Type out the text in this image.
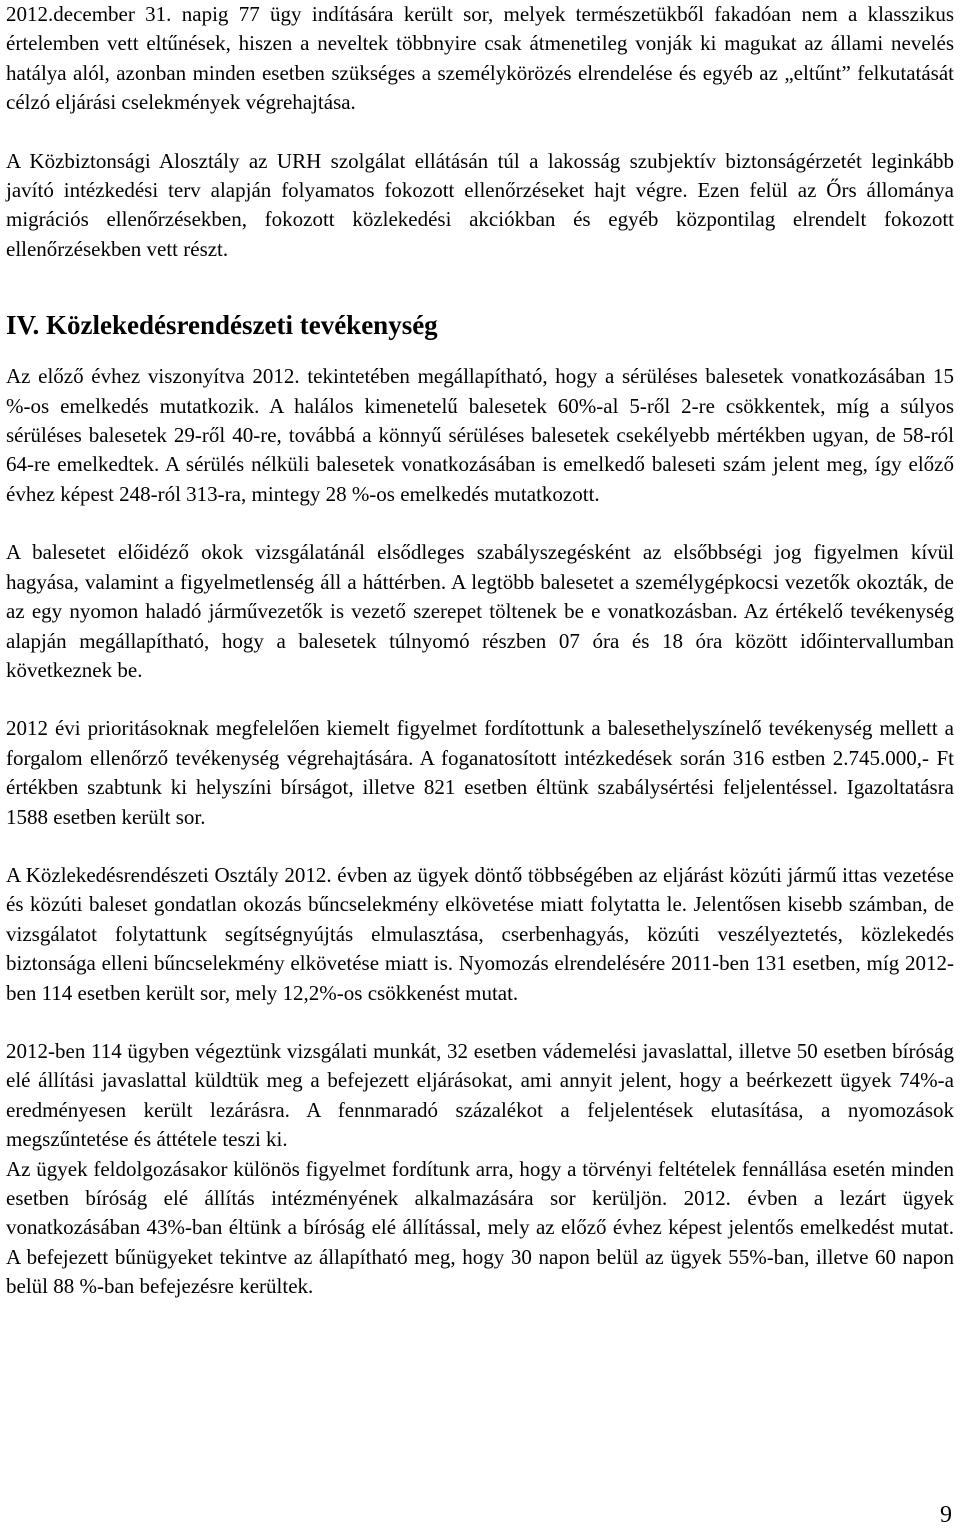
2012.december 31. napig 77 ügy indítására került sor, melyek természetükből fakadóan nem a klasszikus értelemben vett eltűnések, hiszen a neveltek többnyire csak átmenetileg vonják ki magukat az állami nevelés hatálya alól, azonban minden esetben szükséges a személykörözés elrendelése és egyéb az „eltűnt” felkutatását célzó eljárási cselekmények végrehajtása.

A Közbiztonsági Alosztály az URH szolgálat ellátásán túl a lakosság szubjektív biztonságérzetét leginkább javító intézkedési terv alapján folyamatos fokozott ellenőrzéseket hajt végre. Ezen felül az Őrs állománya migrációs ellenőrzésekben, fokozott közlekedési akciókban és egyéb központilag elrendelt fokozott ellenőrzésekben vett részt.

IV. Közlekedésrendészeti tevékenység

Az előző évhez viszonyítva 2012. tekintetében megállapítható, hogy a sérüléses balesetek vonatkozásában 15 %-os emelkedés mutatkozik. A halálos kimenetelű balesetek 60%-al 5-ről 2-re csökkentek, míg a súlyos sérüléses balesetek 29-ről 40-re, továbbá a könnyű sérüléses balesetek csekélyebb mértékben ugyan, de 58-ról 64-re emelkedtek. A sérülés nélküli balesetek vonatkozásában is emelkedő baleseti szám jelent meg, így előző évhez képest 248-ról 313-ra, mintegy 28 %-os emelkedés mutatkozott.

A balesetet előidéző okok vizsgálatánál elsődleges szabályszegésként az elsőbbségi jog figyelmen kívül hagyása, valamint a figyelmetlenség áll a háttérben. A legtöbb balesetet a személygépkocsi vezetők okozták, de az egy nyomon haladó járművezetők is vezető szerepet töltenek be e vonatkozásban. Az értékelő tevékenység alapján megállapítható, hogy a balesetek túlnyomó részben 07 óra és 18 óra között időintervallumban következnek be.

2012 évi prioritásoknak megfelelően kiemelt figyelmet fordítottunk a balesethelyszínelő tevékenység mellett a forgalom ellenőrző tevékenység végrehajtására. A foganatosított intézkedések során 316 estben 2.745.000,- Ft értékben szabtunk ki helyszíni bírságot, illetve 821 esetben éltünk szabálysértési feljelentéssel. Igazoltatásra 1588 esetben került sor.

A Közlekedésrendészeti Osztály 2012. évben az ügyek döntő többségében az eljárást közúti jármű ittas vezetése és közúti baleset gondatlan okozás bűncselekmény elkövetése miatt folytatta le. Jelentősen kisebb számban, de vizsgálatot folytattunk segítségnyújtás elmulasztása, cserbenhagyás, közúti veszélyeztetés, közlekedés biztonsága elleni bűncselekmény elkövetése miatt is. Nyomozás elrendelésére 2011-ben 131 esetben, míg 2012-ben 114 esetben került sor, mely 12,2%-os csökkenést mutat.

2012-ben 114 ügyben végeztünk vizsgálati munkát, 32 esetben vádemelési javaslattal, illetve 50 esetben bíróság elé állítási javaslattal küldtük meg a befejezett eljárásokat, ami annyit jelent, hogy a beérkezett ügyek 74%-a eredményesen került lezárásra. A fennmaradó százalékot a feljelentések elutasítása, a nyomozások megszűntetése és áttétele teszi ki.

Az ügyek feldolgozásakor különös figyelmet fordítunk arra, hogy a törvényi feltételek fennállása esetén minden esetben bíróság elé állítás intézményének alkalmazására sor kerüljön. 2012. évben a lezárt ügyek vonatkozásában 43%-ban éltünk a bíróság elé állítással, mely az előző évhez képest jelentős emelkedést mutat. A befejezett bűnügyeket tekintve az állapítható meg, hogy 30 napon belül az ügyek 55%-ban, illetve 60 napon belül 88 %-ban befejezésre kerültek.

9
